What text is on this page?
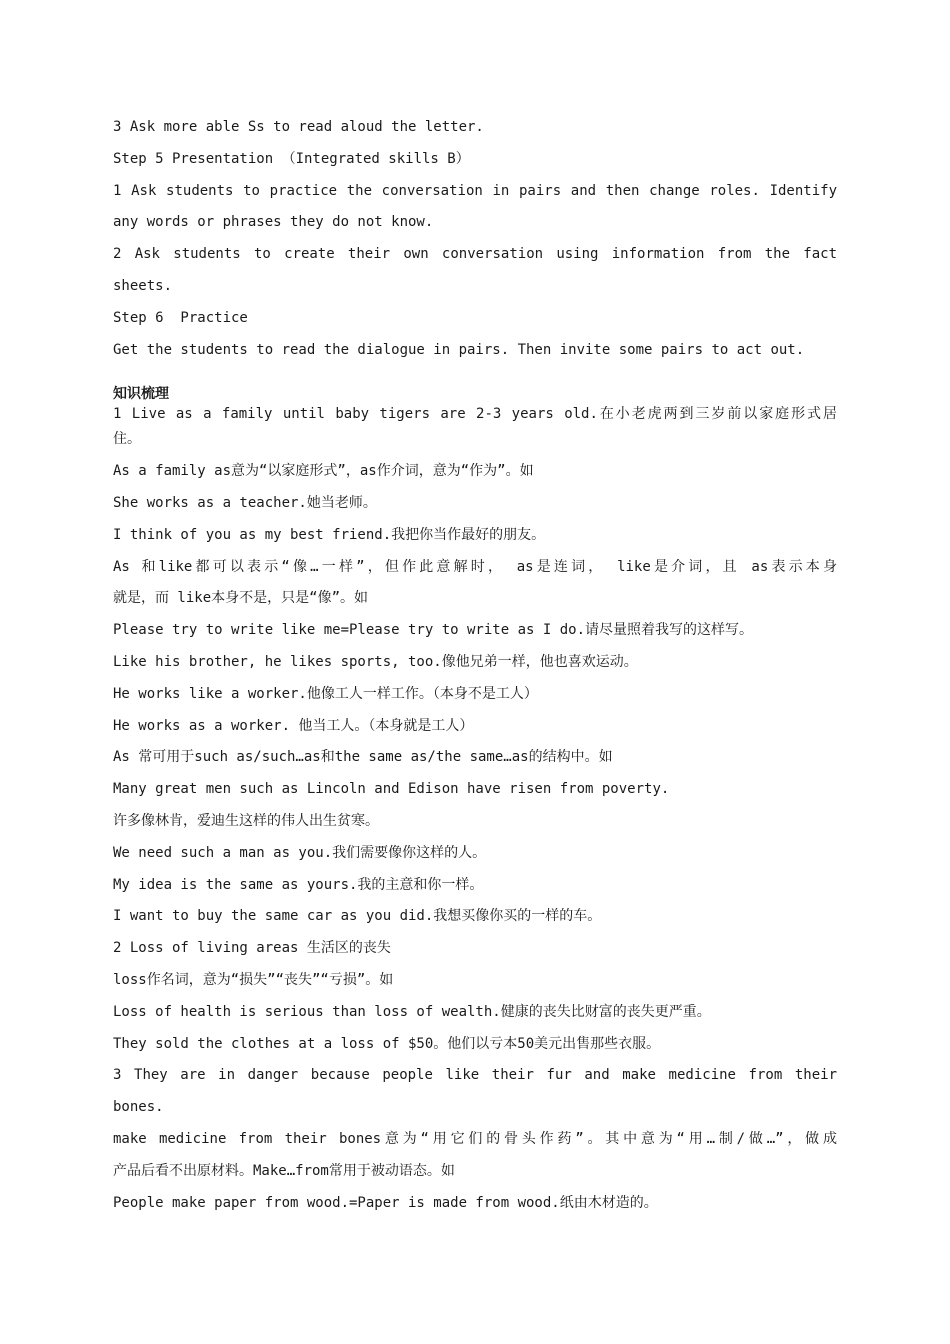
3 Ask more able Ss to read aloud the letter.

Step 5 Presentation （Integrated skills B）

1 Ask students to practice the conversation in pairs and then change roles. Identify

any words or phrases they do not know.

2 Ask students to create their own conversation using information from the fact

sheets.

Step 6  Practice

Get the students to read the dialogue in pairs. Then invite some pairs to act out.

知识梳理

1 Live as a family until baby tigers are 2-3 years old.在小老虎两到三岁前以家庭形式居

住。

As a family as意为“以家庭形式”，as作介词，意为“作为”。如

She works as a teacher.她当老师。

I think of you as my best friend.我把你当作最好的朋友。

As 和like都可以表示“像…一样”，但作此意解时， as是连词， like是介词，且 as表示本身

就是，而 like本身不是，只是“像”。如

Please try to write like me=Please try to write as I do.请尽量照着我写的这样写。

Like his brother, he likes sports, too.像他兄弟一样，他也喜欢运动。

He works like a worker.他像工人一样工作。（本身不是工人）

He works as a worker. 他当工人。（本身就是工人）

As 常可用于such as/such…as和the same as/the same…as的结构中。如

Many great men such as Lincoln and Edison have risen from poverty.

许多像林肯，爱迪生这样的伟人出生贫寒。

We need such a man as you.我们需要像你这样的人。

My idea is the same as yours.我的主意和你一样。

I want to buy the same car as you did.我想买像你买的一样的车。

2 Loss of living areas 生活区的丧失

loss作名词，意为“损失”“丧失”“亏损”。如

Loss of health is serious than loss of wealth.健康的丧失比财富的丧失更严重。

They sold the clothes at a loss of $50。他们以亏本50美元出售那些衣服。

3 They are in danger because people like their fur and make medicine from their

bones.

make medicine from their bones意为“用它们的骨头作药”。其中意为“用…制/做…”，做成

产品后看不出原材料。Make…from常用于被动语态。如

People make paper from wood.=Paper is made from wood.纸由木材造的。
